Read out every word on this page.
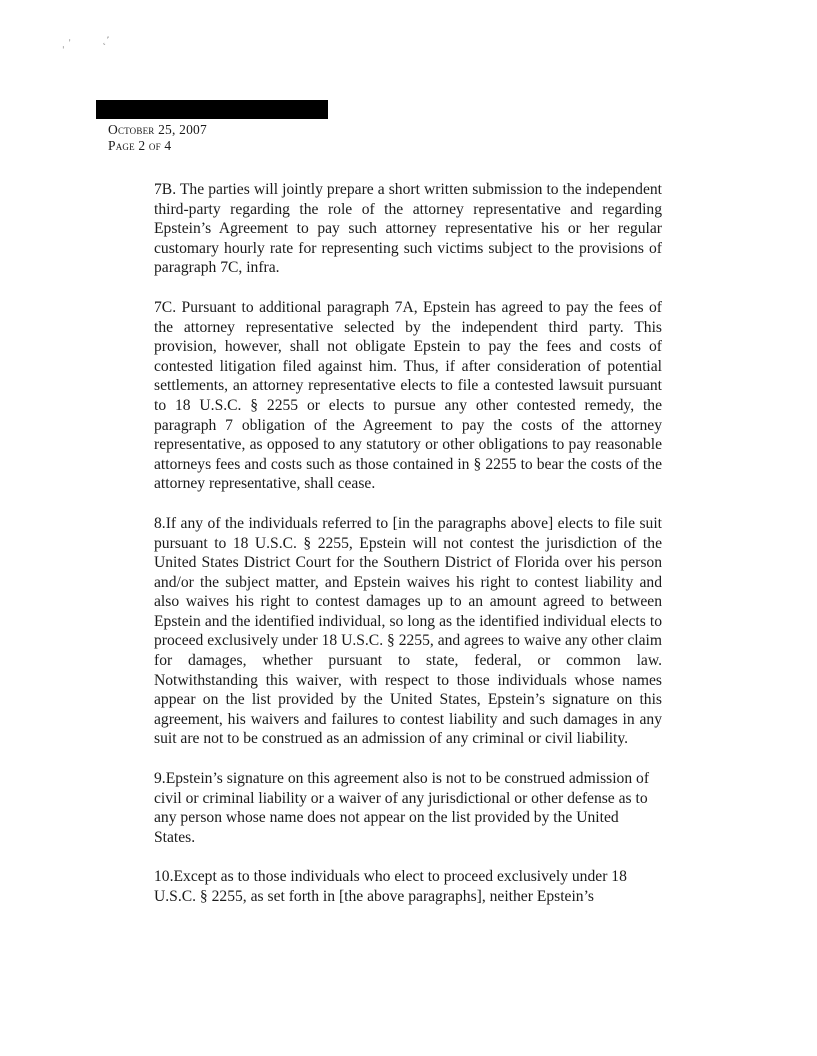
ˌ ᾽	˛ʼ
October 25, 2007
Page 2 of 4

7B. The parties will jointly prepare a short written submission to the independent third-party regarding the role of the attorney representative and regarding Epstein’s Agreement to pay such attorney representative his or her regular customary hourly rate for representing such victims subject to the provisions of paragraph 7C, infra.

7C. Pursuant to additional paragraph 7A, Epstein has agreed to pay the fees of the attorney representative selected by the independent third party. This provision, however, shall not obligate Epstein to pay the fees and costs of contested litigation filed against him. Thus, if after consideration of potential settlements, an attorney representative elects to file a contested lawsuit pursuant to 18 U.S.C. § 2255 or elects to pursue any other contested remedy, the paragraph 7 obligation of the Agreement to pay the costs of the attorney representative, as opposed to any statutory or other obligations to pay reasonable attorneys fees and costs such as those contained in § 2255 to bear the costs of the attorney representative, shall cease.

8.If any of the individuals referred to [in the paragraphs above] elects to file suit pursuant to 18 U.S.C. § 2255, Epstein will not contest the jurisdiction of the United States District Court for the Southern District of Florida over his person and/or the subject matter, and Epstein waives his right to contest liability and also waives his right to contest damages up to an amount agreed to between Epstein and the identified individual, so long as the identified individual elects to proceed exclusively under 18 U.S.C. § 2255, and agrees to waive any other claim for damages, whether pursuant to state, federal, or common law. Notwithstanding this waiver, with respect to those individuals whose names appear on the list provided by the United States, Epstein’s signature on this agreement, his waivers and failures to contest liability and such damages in any suit are not to be construed as an admission of any criminal or civil liability.

9.Epstein’s signature on this agreement also is not to be construed admission of civil or criminal liability or a waiver of any jurisdictional or other defense as to any person whose name does not appear on the list provided by the United States.

10.Except as to those individuals who elect to proceed exclusively under 18 U.S.C. § 2255, as set forth in [the above paragraphs], neither Epstein’s
